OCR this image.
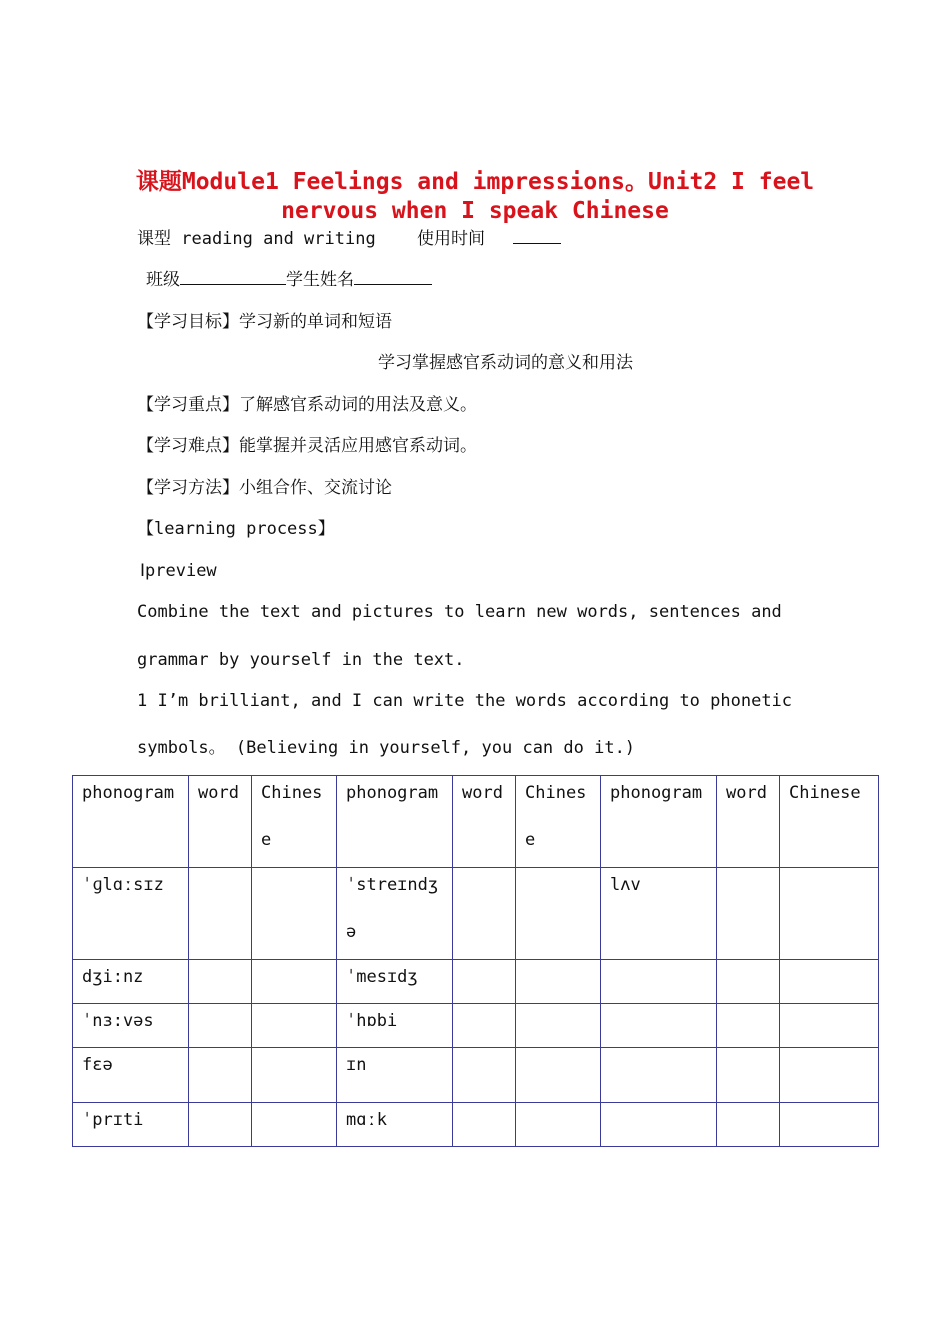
课题Module1 Feelings and impressions。Unit2 I feel
nervous when I speak Chinese
课型 reading and writing 使用时间
班级	学生姓名
【学习目标】学习新的单词和短语
学习掌握感官系动词的意义和用法
【学习重点】了解感官系动词的用法及意义。
【学习难点】能掌握并灵活应用感官系动词。
【学习方法】小组合作、交流讨论
【learning process】
Ⅰpreview
Combine the text and pictures to learn new words, sentences and
grammar by yourself in the text.
1 I’m brilliant, and I can write the words according to phonetic
symbols。 (Believing in yourself, you can do it.)
phonogram	word	Chinese	phonogram	word	Chinese	phonogram	word	Chinese

ˈɡlɑːsɪz			ˈstreɪndʒə			lʌv		

dʒi:nz			ˈmesɪdʒ					

ˈnɜ:vəs			ˈhɒbi					

fɛə			ɪn					

ˈprɪti			mɑːk					
